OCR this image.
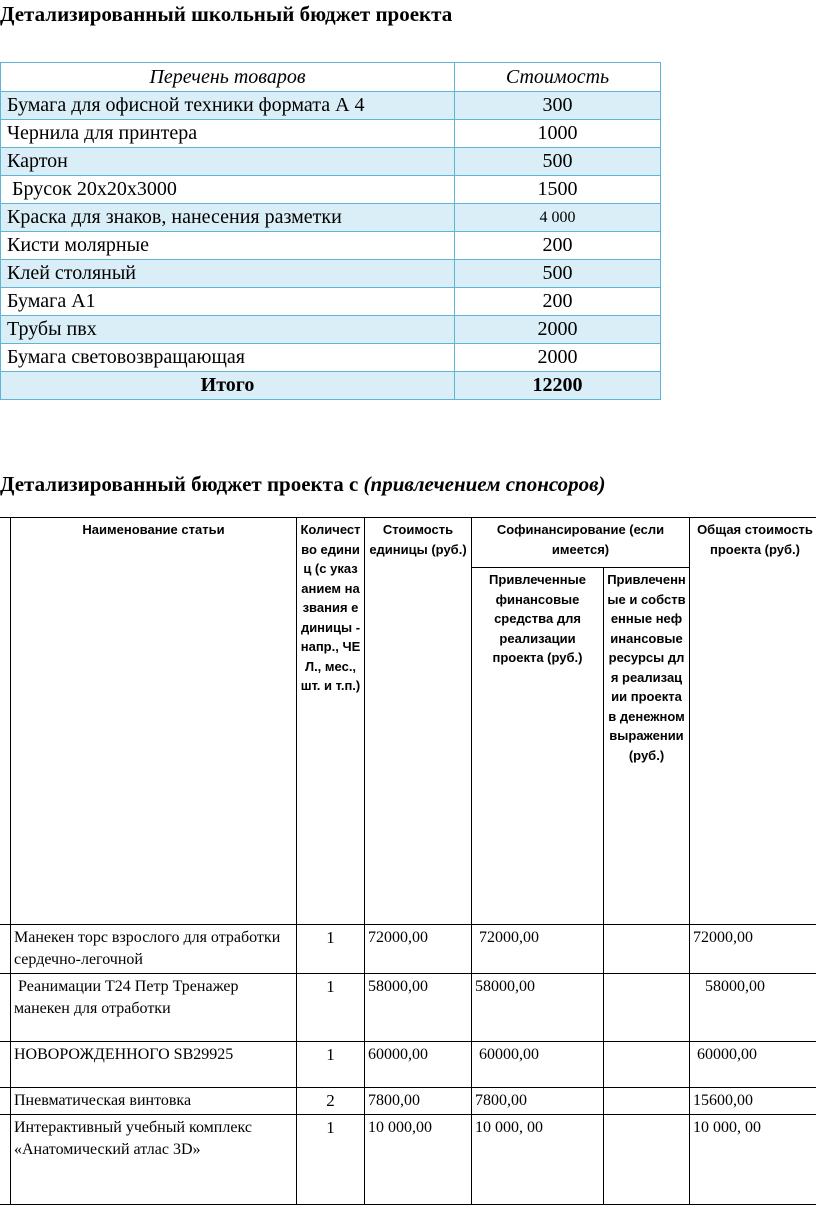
Детализированный школьный бюджет проекта
Перечень товаров	Стоимость
Бумага для офисной техники формата А 4	300
Чернила для принтера	1000
Картон	500
Брусок 20x20x3000	1500
Краска для знаков, нанесения разметки	4 000
Кисти молярные	200
Клей столяный	500
Бумага А1	200
Трубы пвх	2000
Бумага световозвращающая	2000
Итого	12200
Детализированный бюджет проекта с (привлечением спонсоров)
	Наименование статьи	Количество единиц (с указанием названия единицы - напр., ЧЕЛ., мес., шт. и т.п.)	Стоимость единицы (руб.)	Софинансирование (если имеется)		Общая стоимость проекта (руб.)
				Привлеченные финансовые средства для реализации проекта (руб.)	Привлеченные и собственные нефинансовые ресурсы для реализации проекта в денежном выражении (руб.)	
	Манекен торс взрослого для отработки сердечно-легочной	1	72000,00	72000,00		72000,00
	Реанимации Т24 Петр Тренажер манекен для отработки	1	58000,00	58000,00		58000,00
	НОВОРОЖДЕННОГО SB29925	1	60000,00	60000,00		60000,00
	Пневматическая винтовка	2	7800,00	7800,00		15600,00
	Интерактивный учебный комплекс «Анатомический атлас 3D»	1	10 000,00	10 000, 00		10 000, 00
